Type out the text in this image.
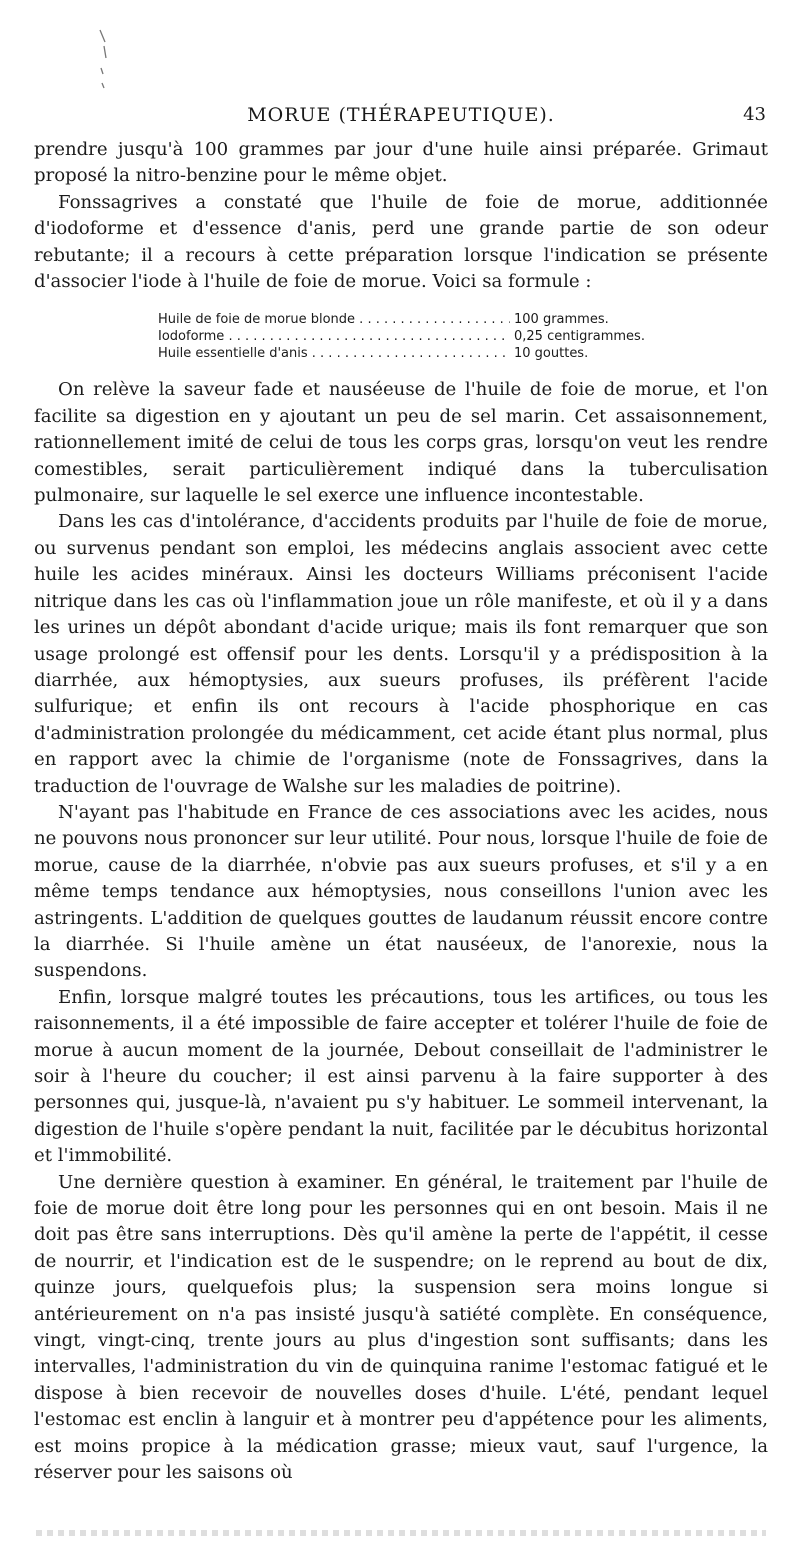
MORUE (THÉRAPEUTIQUE).	43

prendre jusqu'à 100 grammes par jour d'une huile ainsi préparée. Grimaut proposé la nitro-benzine pour le même objet.

Fonssagrives a constaté que l'huile de foie de morue, additionnée d'iodoforme et d'essence d'anis, perd une grande partie de son odeur rebutante; il a recours à cette préparation lorsque l'indication se présente d'associer l'iode à l'huile de foie de morue. Voici sa formule :

Huile de foie de morue blonde . . .	100 grammes.
Iodoforme . . .	0,25 centigrammes.
Huile essentielle d'anis . . .	10 gouttes.

On relève la saveur fade et nauséeuse de l'huile de foie de morue, et l'on facilite sa digestion en y ajoutant un peu de sel marin. Cet assaisonnement, rationnellement imité de celui de tous les corps gras, lorsqu'on veut les rendre comestibles, serait particulièrement indiqué dans la tuberculisation pulmonaire, sur laquelle le sel exerce une influence incontestable.

Dans les cas d'intolérance, d'accidents produits par l'huile de foie de morue, ou survenus pendant son emploi, les médecins anglais associent avec cette huile les acides minéraux. Ainsi les docteurs Williams préconisent l'acide nitrique dans les cas où l'inflammation joue un rôle manifeste, et où il y a dans les urines un dépôt abondant d'acide urique; mais ils font remarquer que son usage prolongé est offensif pour les dents. Lorsqu'il y a prédisposition à la diarrhée, aux hémoptysies, aux sueurs profuses, ils préfèrent l'acide sulfurique; et enfin ils ont recours à l'acide phosphorique en cas d'administration prolongée du médicamment, cet acide étant plus normal, plus en rapport avec la chimie de l'organisme (note de Fonssagrives, dans la traduction de l'ouvrage de Walshe sur les maladies de poitrine).

N'ayant pas l'habitude en France de ces associations avec les acides, nous ne pouvons nous prononcer sur leur utilité. Pour nous, lorsque l'huile de foie de morue, cause de la diarrhée, n'obvie pas aux sueurs profuses, et s'il y a en même temps tendance aux hémoptysies, nous conseillons l'union avec les astringents. L'addition de quelques gouttes de laudanum réussit encore contre la diarrhée. Si l'huile amène un état nauséeux, de l'anorexie, nous la suspendons.

Enfin, lorsque malgré toutes les précautions, tous les artifices, ou tous les raisonnements, il a été impossible de faire accepter et tolérer l'huile de foie de morue à aucun moment de la journée, Debout conseillait de l'administrer le soir à l'heure du coucher; il est ainsi parvenu à la faire supporter à des personnes qui, jusque-là, n'avaient pu s'y habituer. Le sommeil intervenant, la digestion de l'huile s'opère pendant la nuit, facilitée par le décubitus horizontal et l'immobilité.

Une dernière question à examiner. En général, le traitement par l'huile de foie de morue doit être long pour les personnes qui en ont besoin. Mais il ne doit pas être sans interruptions. Dès qu'il amène la perte de l'appétit, il cesse de nourrir, et l'indication est de le suspendre; on le reprend au bout de dix, quinze jours, quelquefois plus; la suspension sera moins longue si antérieurement on n'a pas insisté jusqu'à satiété complète. En conséquence, vingt, vingt-cinq, trente jours au plus d'ingestion sont suffisants; dans les intervalles, l'administration du vin de quinquina ranime l'estomac fatigué et le dispose à bien recevoir de nouvelles doses d'huile. L'été, pendant lequel l'estomac est enclin à languir et à montrer peu d'appétence pour les aliments, est moins propice à la médication grasse; mieux vaut, sauf l'urgence, la réserver pour les saisons où
